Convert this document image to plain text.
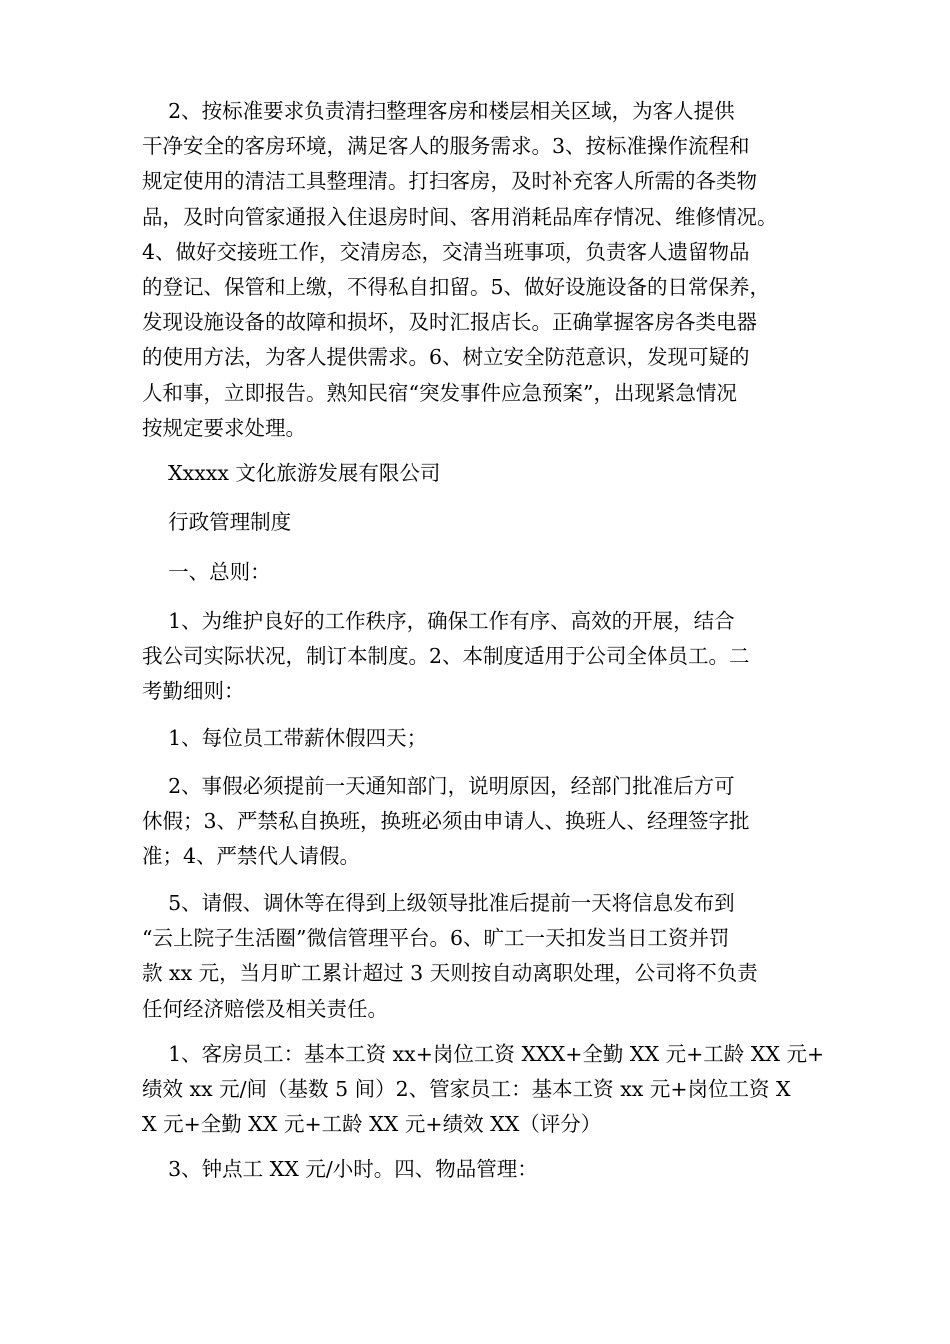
2、按标准要求负责清扫整理客房和楼层相关区域，为客人提供
干净安全的客房环境，满足客人的服务需求。3、按标准操作流程和
规定使用的清洁工具整理清。打扫客房，及时补充客人所需的各类物
品，及时向管家通报入住退房时间、客用消耗品库存情况、维修情况。
4、做好交接班工作，交清房态，交清当班事项，负责客人遗留物品
的登记、保管和上缴，不得私自扣留。5、做好设施设备的日常保养，
发现设施设备的故障和损坏，及时汇报店长。正确掌握客房各类电器
的使用方法，为客人提供需求。6、树立安全防范意识，发现可疑的
人和事，立即报告。熟知民宿“突发事件应急预案”，出现紧急情况
按规定要求处理。
Xxxxx 文化旅游发展有限公司
行政管理制度
一、总则：
1、为维护良好的工作秩序，确保工作有序、高效的开展，结合
我公司实际状况，制订本制度。2、本制度适用于公司全体员工。二
考勤细则：
1、每位员工带薪休假四天；
2、事假必须提前一天通知部门，说明原因，经部门批准后方可
休假；3、严禁私自换班，换班必须由申请人、换班人、经理签字批
准；4、严禁代人请假。
5、请假、调休等在得到上级领导批准后提前一天将信息发布到
“云上院子生活圈”微信管理平台。6、旷工一天扣发当日工资并罚
款 xx 元，当月旷工累计超过 3 天则按自动离职处理，公司将不负责
任何经济赔偿及相关责任。
1、客房员工：基本工资 xx+岗位工资 XXX+全勤 XX 元+工龄 XX 元+
绩效 xx 元/间（基数 5 间）2、管家员工：基本工资 xx 元+岗位工资 X
X 元+全勤 XX 元+工龄 XX 元+绩效 XX（评分）
3、钟点工 XX 元/小时。四、物品管理：
